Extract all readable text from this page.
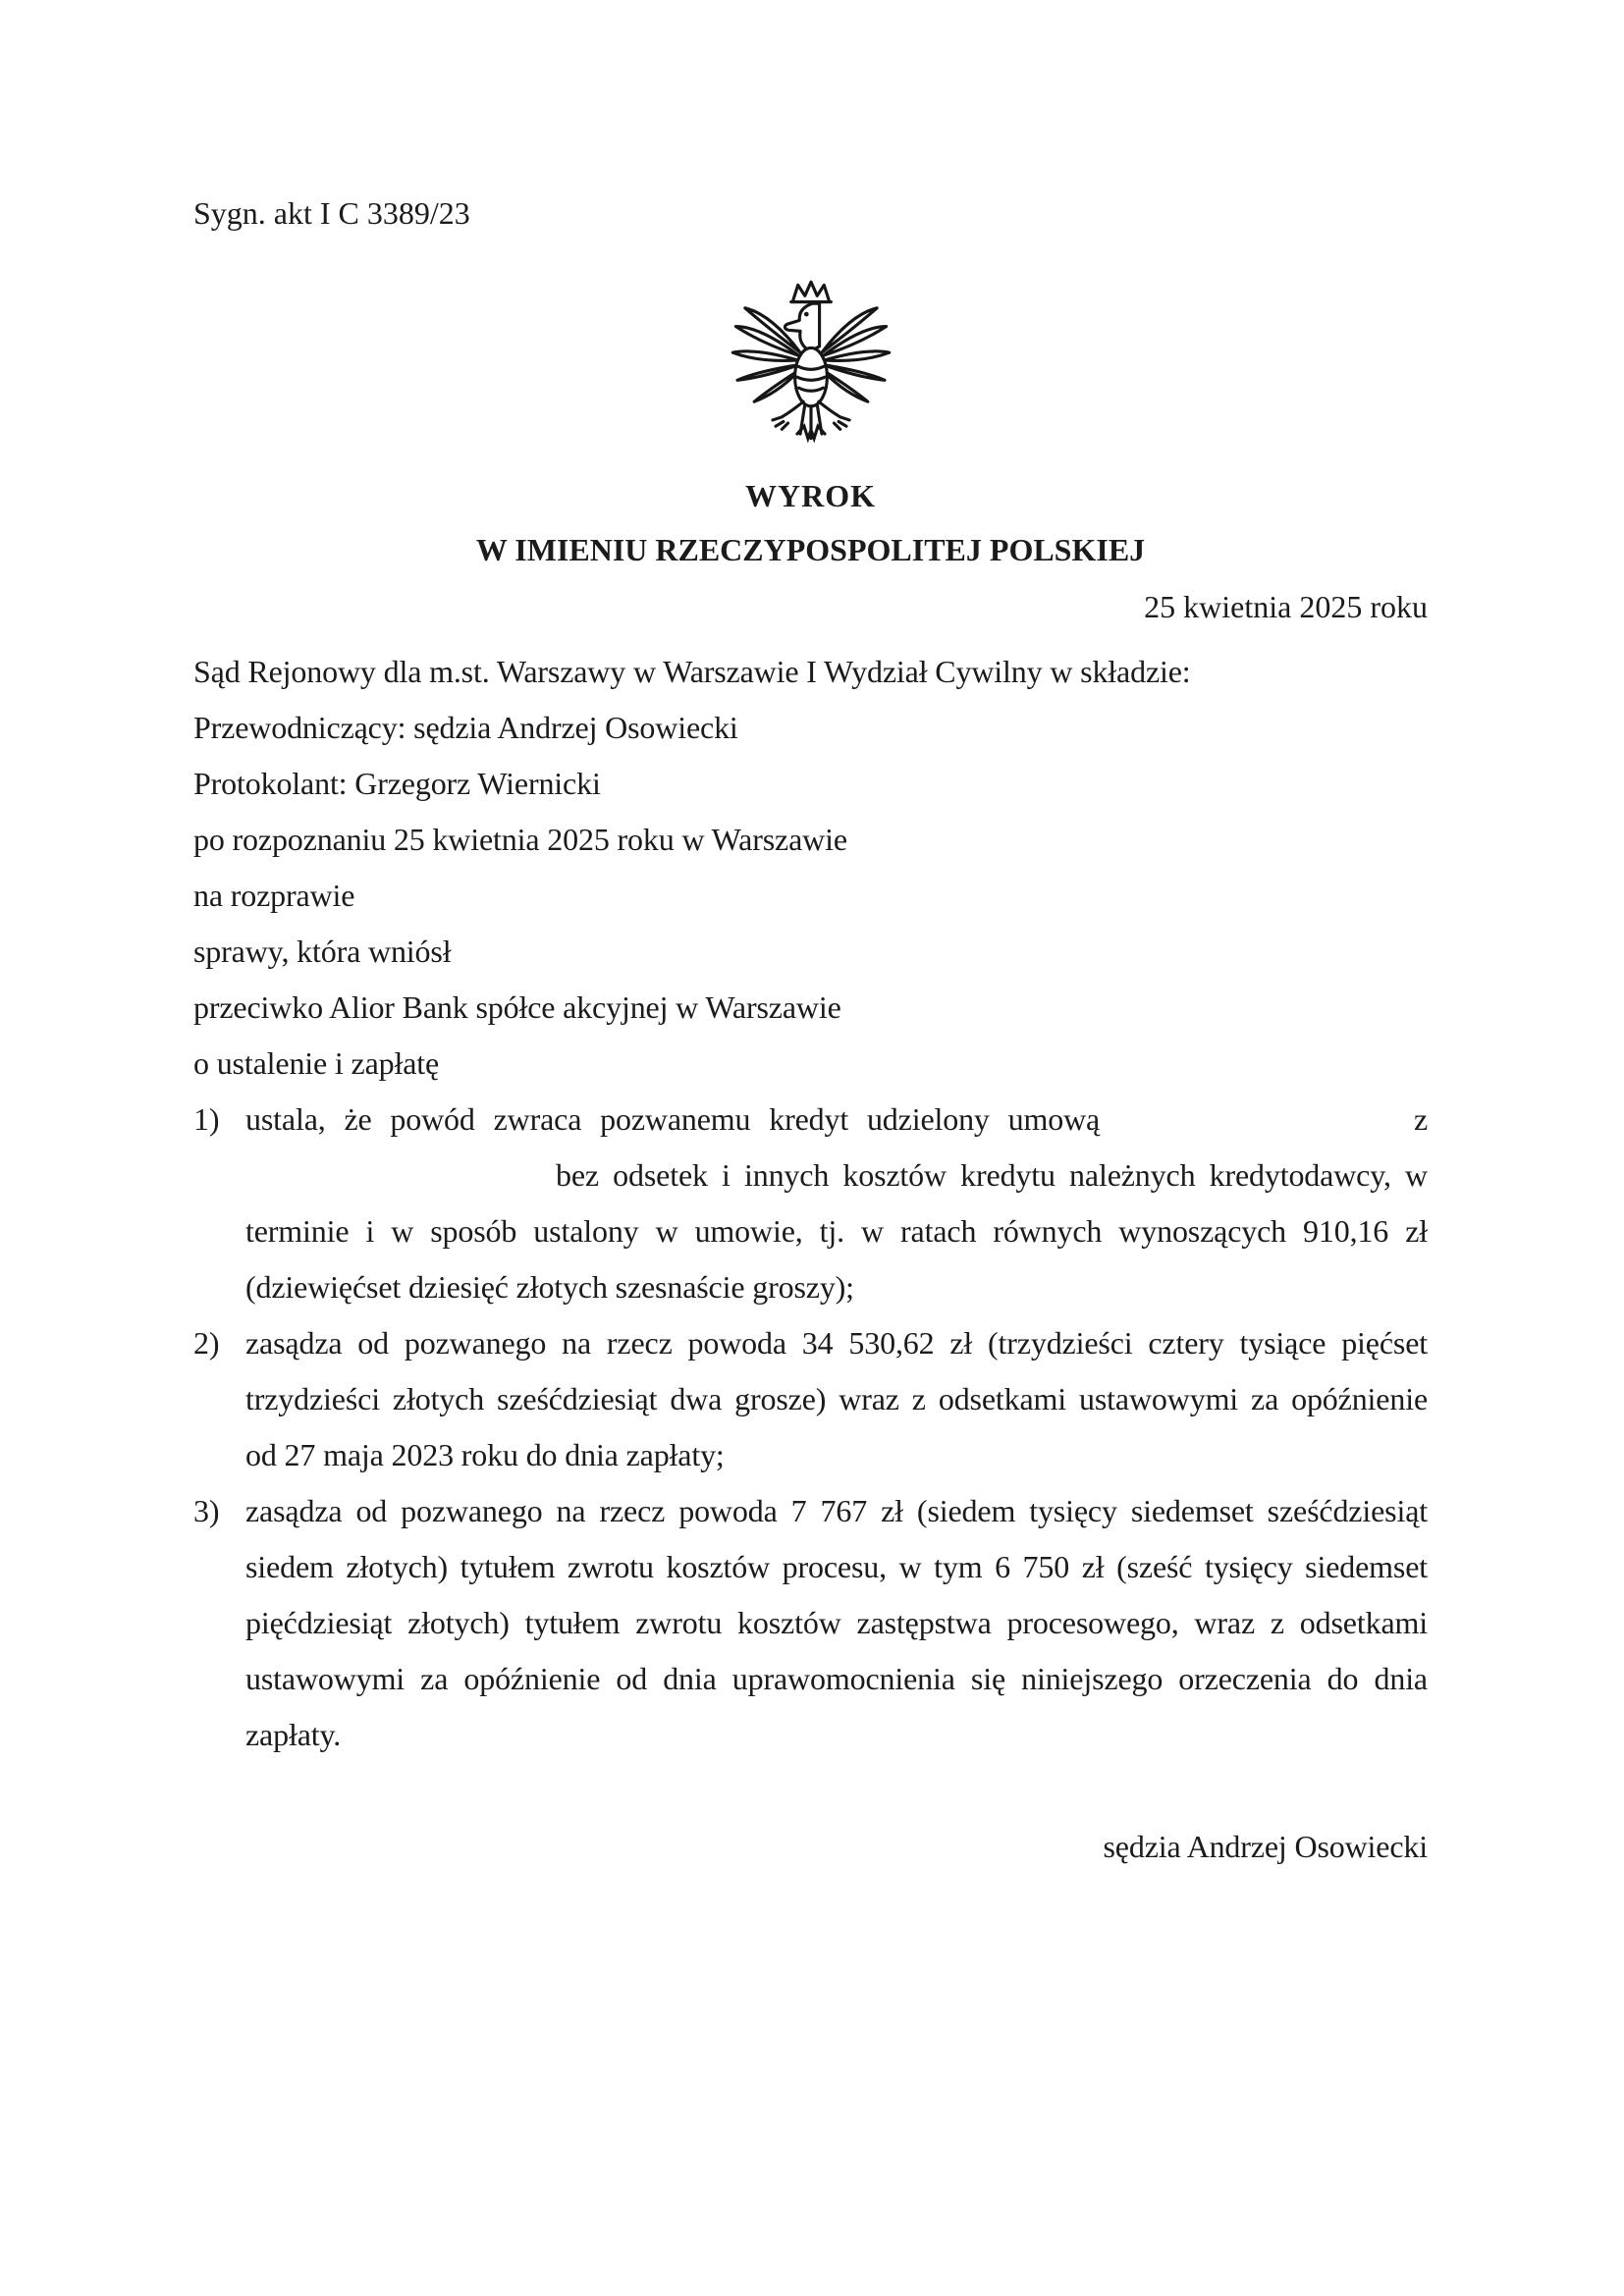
Sygn. akt I C 3389/23
WYROK
W IMIENIU RZECZYPOSPOLITEJ POLSKIEJ
25 kwietnia 2025 roku
Sąd Rejonowy dla m.st. Warszawy w Warszawie I Wydział Cywilny w składzie:
Przewodniczący: sędzia Andrzej Osowiecki
Protokolant: Grzegorz Wiernicki
po rozpoznaniu 25 kwietnia 2025 roku w Warszawie
na rozprawie
sprawy, która wniósł
przeciwko Alior Bank spółce akcyjnej w Warszawie
o ustalenie i zapłatę
1) ustala, że powód zwraca pozwanemu kredyt udzielony umową	z
bez odsetek i innych kosztów kredytu należnych kredytodawcy, w
terminie i w sposób ustalony w umowie, tj. w ratach równych wynoszących 910,16 zł
(dziewięćset dziesięć złotych szesnaście groszy);
2) zasądza od pozwanego na rzecz powoda 34 530,62 zł (trzydzieści cztery tysiące pięćset
trzydzieści złotych sześćdziesiąt dwa grosze) wraz z odsetkami ustawowymi za opóźnienie
od 27 maja 2023 roku do dnia zapłaty;
3) zasądza od pozwanego na rzecz powoda 7 767 zł (siedem tysięcy siedemset sześćdziesiąt
siedem złotych) tytułem zwrotu kosztów procesu, w tym 6 750 zł (sześć tysięcy siedemset
pięćdziesiąt złotych) tytułem zwrotu kosztów zastępstwa procesowego, wraz z odsetkami
ustawowymi za opóźnienie od dnia uprawomocnienia się niniejszego orzeczenia do dnia
zapłaty.
sędzia Andrzej Osowiecki
